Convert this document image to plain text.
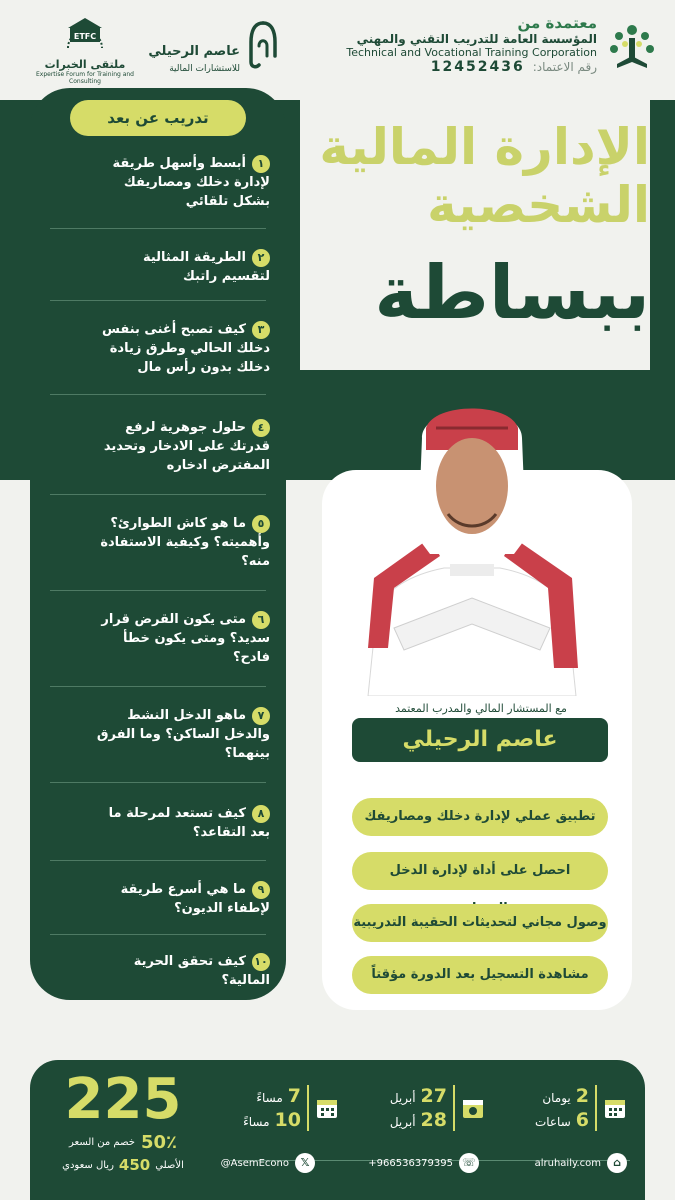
معتمدة من
المؤسسة العامة للتدريب التقني والمهني
Technical and Vocational Training Corporation
رقم الاعتماد:
12452436
عاصم الرحيلي
للاستشارات المالية
ETFC
ملتقى الخبرات
Expertise Forum for Training and Consulting
تدريب عن بعد
١أبسط وأسهل طريقة
لإدارة دخلك ومصاريفك
بشكل تلقائي
٢الطريقة المثالية
لتقسيم راتبك
٣كيف تصبح أغنى بنفس
دخلك الحالي وطرق زيادة
دخلك بدون رأس مال
٤حلول جوهرية لرفع
قدرتك على الادخار وتحديد
المفترض ادخاره
٥ما هو كاش الطوارئ؟
وأهميته؟ وكيفية الاستفادة
منه؟
٦متى يكون القرض قرار
سديد؟ ومتى يكون خطأ
فادح؟
٧ماهو الدخل النشط
والدخل الساكن؟ وما الفرق
بينهما؟
٨كيف تستعد لمرحلة ما
بعد التقاعد؟
٩ما هي أسرع طريقة
لإطفاء الديون؟
١٠كيف تحقق الحرية
المالية؟
الإدارة المالية
الشخصية
ببساطة
مع المستشار المالي والمدرب المعتمد
عاصم الرحيلي
تطبيق عملي لإدارة دخلك ومصاريفك
احصل على أداة لإدارة الدخل
وصول مجاني لتحديثات الحقيبة التدريبية
مشاهدة التسجيل بعد الدورة مؤقتاً
225
50٪
خصم من السعر
الأصلي
450
ريال سعودي
2
يومان
6
ساعات
27
أبريل
28
أبريل
7
مساءً
10
مساءً
⌂
alruhaily.com
☏
+966536379395
𝕏
@AsemEcono
